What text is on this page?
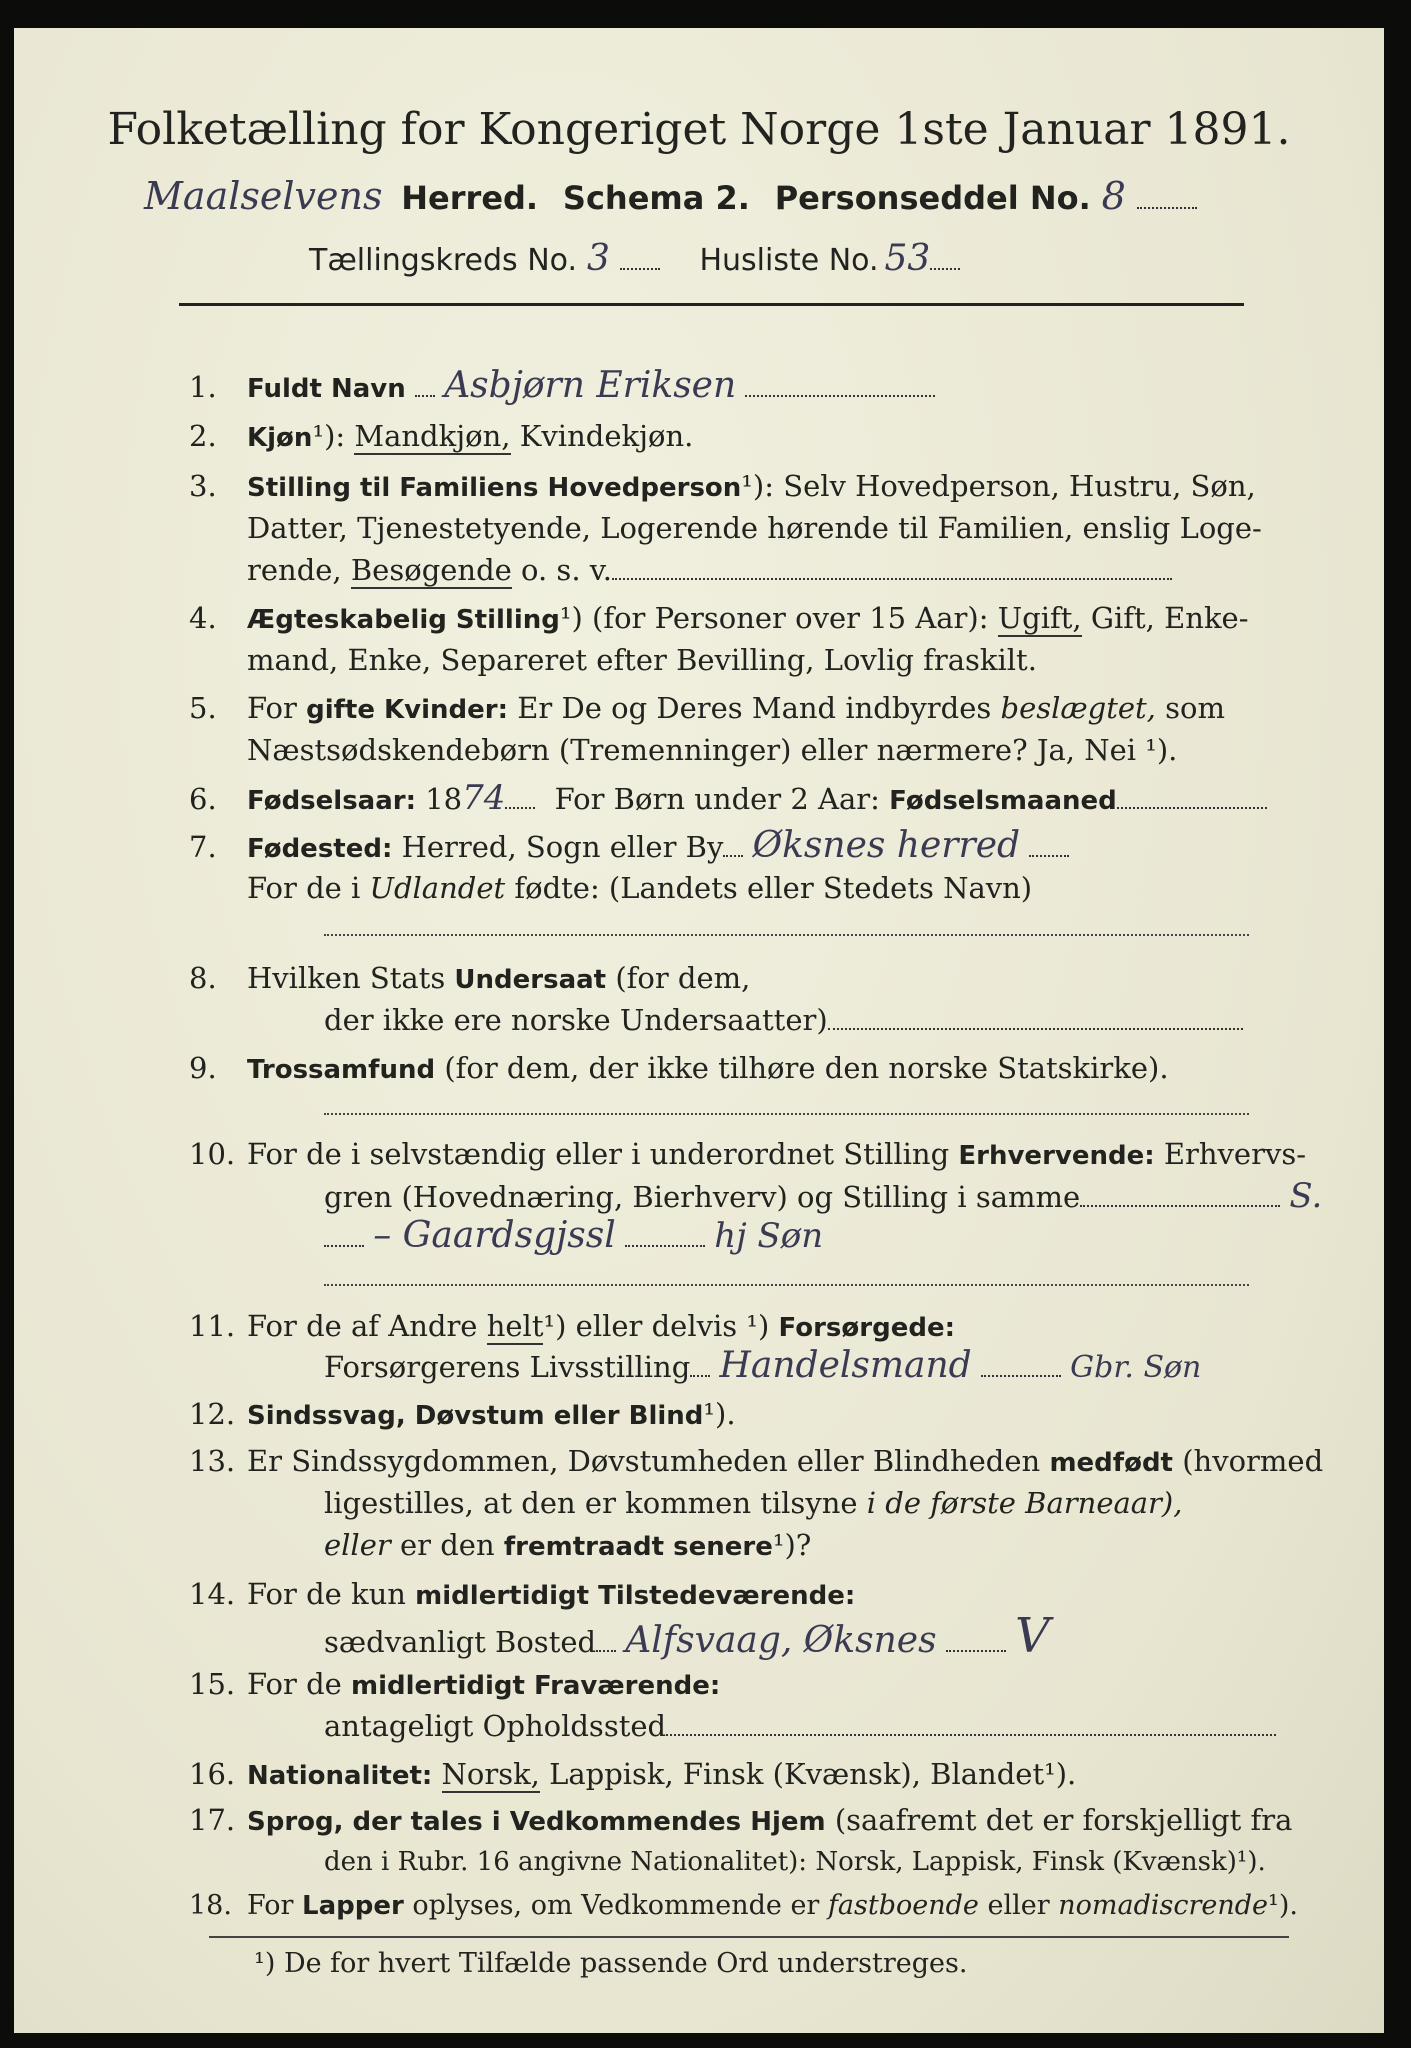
Folketælling for Kongeriget Norge 1ste Januar 1891.
Maalselvens Herred. Schema 2. Personseddel No. 8
Tællingskreds No. 3	Husliste No. 53
1. Fuldt Navn Asbjørn Eriksen
2. Kjøn¹): Mandkjøn, Kvindekjøn.
3. Stilling til Familiens Hovedperson¹): Selv Hovedperson, Hustru, Søn,
Datter, Tjenestetyende, Logerende hørende til Familien, enslig Loge-
rende, Besøgende o. s. v.
4. Ægteskabelig Stilling¹) (for Personer over 15 Aar): Ugift, Gift, Enke-
mand, Enke, Separeret efter Bevilling, Lovlig fraskilt.
5. For gifte Kvinder: Er De og Deres Mand indbyrdes beslægtet, som
Næstsødskendebørn (Tremenninger) eller nærmere? Ja, Nei ¹).
6. Fødselsaar: 1874 For Børn under 2 Aar: Fødselsmaaned
7. Fødested: Herred, Sogn eller By Øksnes herred
For de i Udlandet fødte: (Landets eller Stedets Navn)
8. Hvilken Stats Undersaat (for dem,
der ikke ere norske Undersaatter)
9. Trossamfund (for dem, der ikke tilhøre den norske Statskirke).
10. For de i selvstændig eller i underordnet Stilling Erhvervende: Erhvervs-
gren (Hovednæring, Bierhverv) og Stilling i samme	S.
– Gaardsgjssl	hj Søn
11. For de af Andre helt¹) eller delvis ¹) Forsørgede:
Forsørgerens Livsstilling Handelsmand	Gbr. Søn
12. Sindssvag, Døvstum eller Blind¹).
13. Er Sindssygdommen, Døvstumheden eller Blindheden medfødt (hvormed
ligestilles, at den er kommen tilsyne i de første Barneaar),
eller er den fremtraadt senere¹)?
14. For de kun midlertidigt Tilstedeværende:
sædvanligt Bosted Alfsvaag, Øksnes V
15. For de midlertidigt Fraværende:
antageligt Opholdssted
16. Nationalitet: Norsk, Lappisk, Finsk (Kvænsk), Blandet¹).
17. Sprog, der tales i Vedkommendes Hjem (saafremt det er forskjelligt fra
den i Rubr. 16 angivne Nationalitet): Norsk, Lappisk, Finsk (Kvænsk)¹).
18. For Lapper oplyses, om Vedkommende er fastboende eller nomadiscrende¹).
¹) De for hvert Tilfælde passende Ord understreges.
